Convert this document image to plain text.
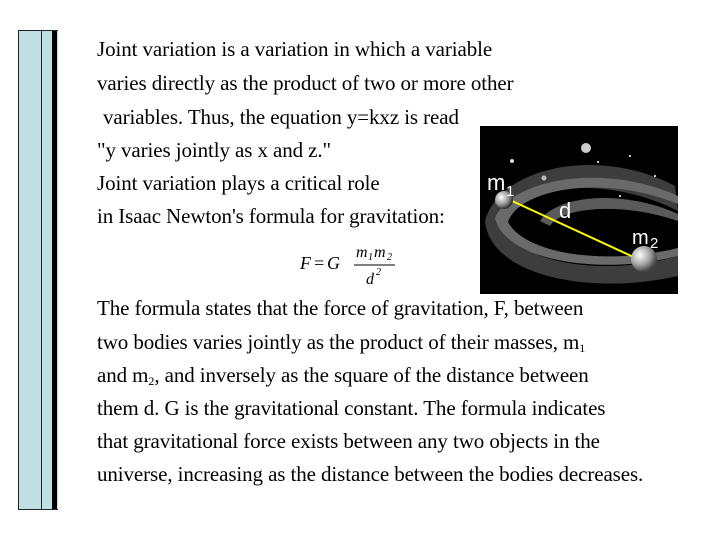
Joint variation is a variation in which a variable
varies directly as the product of two or more other
variables. Thus, the equation y=kxz is read
"y varies jointly as x and z."
Joint variation plays a critical role
in Isaac Newton's formula for gravitation:
F = G
m 1 m 2
d 2
m 1
d
m 2
The formula states that the force of gravitation, F, between
two bodies varies jointly as the product of their masses, $m_1$
and $m_2$, and inversely as the square of the distance between
them d. G is the gravitational constant. The formula indicates
that gravitational force exists between any two objects in the
universe, increasing as the distance between the bodies decreases.
